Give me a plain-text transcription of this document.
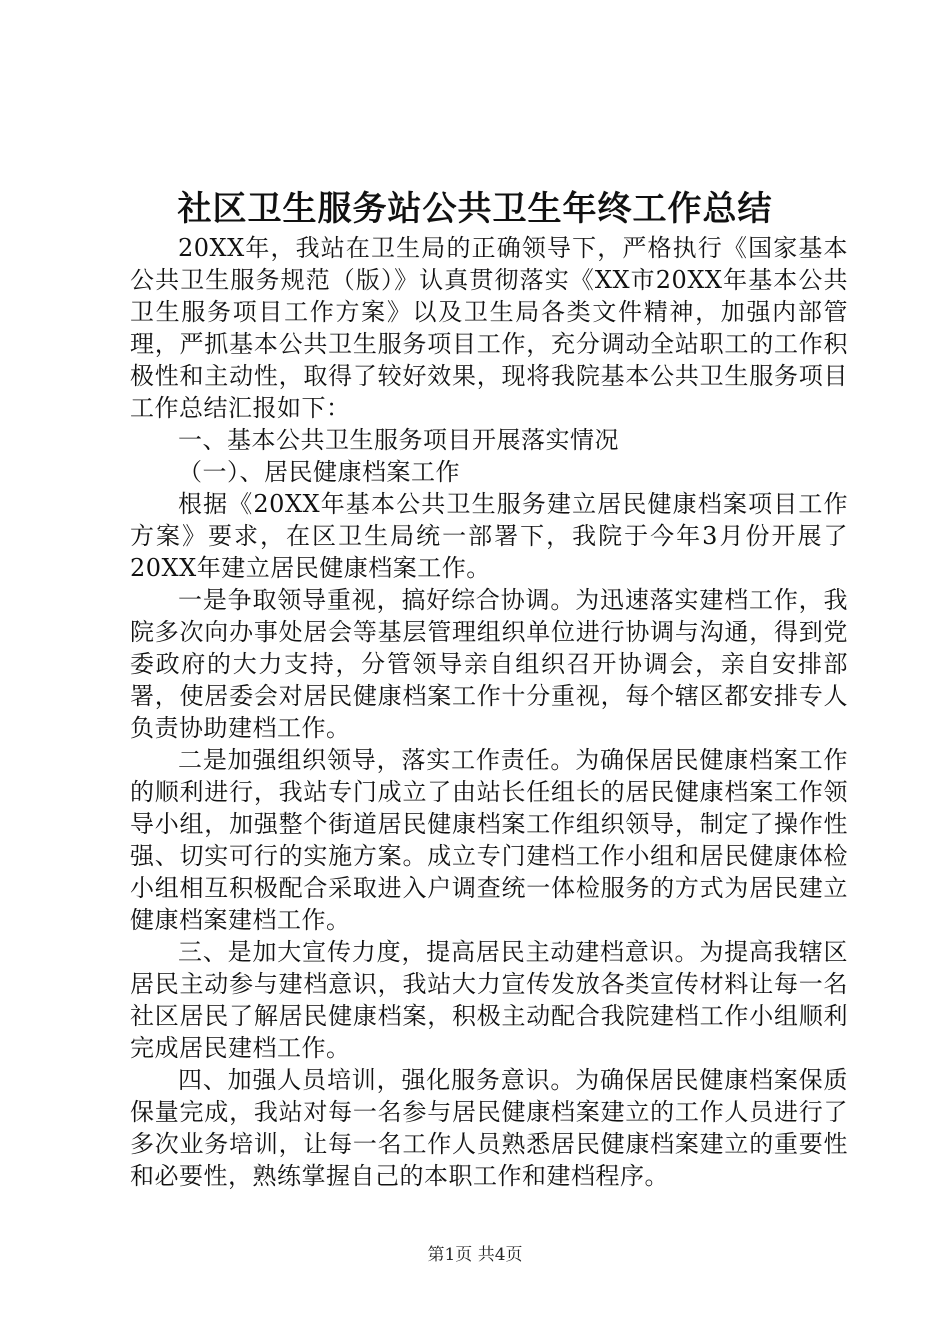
社区卫生服务站公共卫生年终工作总结

20XX年，我站在卫生局的正确领导下，严格执行《国家基本公共卫生服务规范（版）》认真贯彻落实《XX市20XX年基本公共卫生服务项目工作方案》以及卫生局各类文件精神，加强内部管理，严抓基本公共卫生服务项目工作，充分调动全站职工的工作积极性和主动性，取得了较好效果，现将我院基本公共卫生服务项目工作总结汇报如下：

一、基本公共卫生服务项目开展落实情况

（一）、居民健康档案工作

根据《20XX年基本公共卫生服务建立居民健康档案项目工作方案》要求，在区卫生局统一部署下，我院于今年3月份开展了20XX年建立居民健康档案工作。

一是争取领导重视，搞好综合协调。为迅速落实建档工作，我院多次向办事处居会等基层管理组织单位进行协调与沟通，得到党委政府的大力支持，分管领导亲自组织召开协调会，亲自安排部署，使居委会对居民健康档案工作十分重视，每个辖区都安排专人负责协助建档工作。

二是加强组织领导，落实工作责任。为确保居民健康档案工作的顺利进行，我站专门成立了由站长任组长的居民健康档案工作领导小组，加强整个街道居民健康档案工作组织领导，制定了操作性强、切实可行的实施方案。成立专门建档工作小组和居民健康体检小组相互积极配合采取进入户调查统一体检服务的方式为居民建立健康档案建档工作。

三、是加大宣传力度，提高居民主动建档意识。为提高我辖区居民主动参与建档意识，我站大力宣传发放各类宣传材料让每一名社区居民了解居民健康档案，积极主动配合我院建档工作小组顺利完成居民建档工作。

四、加强人员培训，强化服务意识。为确保居民健康档案保质保量完成，我站对每一名参与居民健康档案建立的工作人员进行了多次业务培训，让每一名工作人员熟悉居民健康档案建立的重要性和必要性，熟练掌握自己的本职工作和建档程序。

第1页 共4页
